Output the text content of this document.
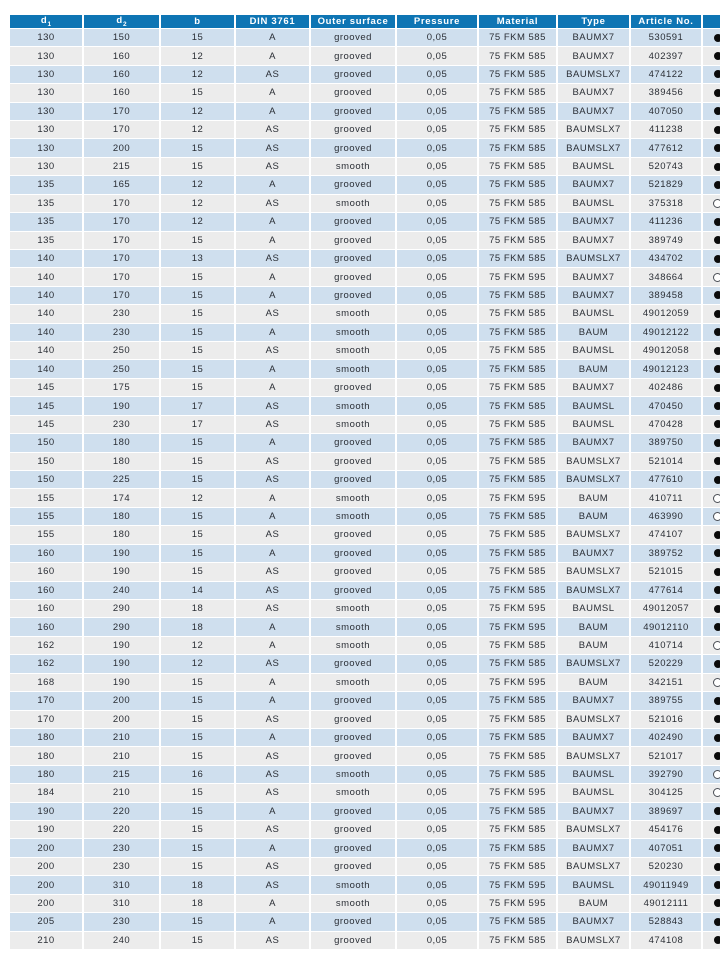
$d_1$	$d_2$	b	DIN 3761	Outer surface	Pressure	Material	Type	Article No.	
130	150	15	A	grooved	0,05	75 FKM 585	BAUMX7	530591	
130	160	12	A	grooved	0,05	75 FKM 585	BAUMX7	402397	
130	160	12	AS	grooved	0,05	75 FKM 585	BAUMSLX7	474122	
130	160	15	A	grooved	0,05	75 FKM 585	BAUMX7	389456	
130	170	12	A	grooved	0,05	75 FKM 585	BAUMX7	407050	
130	170	12	AS	grooved	0,05	75 FKM 585	BAUMSLX7	411238	
130	200	15	AS	grooved	0,05	75 FKM 585	BAUMSLX7	477612	
130	215	15	AS	smooth	0,05	75 FKM 585	BAUMSL	520743	
135	165	12	A	grooved	0,05	75 FKM 585	BAUMX7	521829	
135	170	12	AS	smooth	0,05	75 FKM 585	BAUMSL	375318	
135	170	12	A	grooved	0,05	75 FKM 585	BAUMX7	411236	
135	170	15	A	grooved	0,05	75 FKM 585	BAUMX7	389749	
140	170	13	AS	grooved	0,05	75 FKM 585	BAUMSLX7	434702	
140	170	15	A	grooved	0,05	75 FKM 595	BAUMX7	348664	
140	170	15	A	grooved	0,05	75 FKM 585	BAUMX7	389458	
140	230	15	AS	smooth	0,05	75 FKM 585	BAUMSL	49012059	
140	230	15	A	smooth	0,05	75 FKM 585	BAUM	49012122	
140	250	15	AS	smooth	0,05	75 FKM 585	BAUMSL	49012058	
140	250	15	A	smooth	0,05	75 FKM 585	BAUM	49012123	
145	175	15	A	grooved	0,05	75 FKM 585	BAUMX7	402486	
145	190	17	AS	smooth	0,05	75 FKM 585	BAUMSL	470450	
145	230	17	AS	smooth	0,05	75 FKM 585	BAUMSL	470428	
150	180	15	A	grooved	0,05	75 FKM 585	BAUMX7	389750	
150	180	15	AS	grooved	0,05	75 FKM 585	BAUMSLX7	521014	
150	225	15	AS	grooved	0,05	75 FKM 585	BAUMSLX7	477610	
155	174	12	A	smooth	0,05	75 FKM 595	BAUM	410711	
155	180	15	A	smooth	0,05	75 FKM 585	BAUM	463990	
155	180	15	AS	grooved	0,05	75 FKM 585	BAUMSLX7	474107	
160	190	15	A	grooved	0,05	75 FKM 585	BAUMX7	389752	
160	190	15	AS	grooved	0,05	75 FKM 585	BAUMSLX7	521015	
160	240	14	AS	grooved	0,05	75 FKM 585	BAUMSLX7	477614	
160	290	18	AS	smooth	0,05	75 FKM 595	BAUMSL	49012057	
160	290	18	A	smooth	0,05	75 FKM 595	BAUM	49012110	
162	190	12	A	smooth	0,05	75 FKM 585	BAUM	410714	
162	190	12	AS	grooved	0,05	75 FKM 585	BAUMSLX7	520229	
168	190	15	A	smooth	0,05	75 FKM 595	BAUM	342151	
170	200	15	A	grooved	0,05	75 FKM 585	BAUMX7	389755	
170	200	15	AS	grooved	0,05	75 FKM 585	BAUMSLX7	521016	
180	210	15	A	grooved	0,05	75 FKM 585	BAUMX7	402490	
180	210	15	AS	grooved	0,05	75 FKM 585	BAUMSLX7	521017	
180	215	16	AS	smooth	0,05	75 FKM 585	BAUMSL	392790	
184	210	15	AS	smooth	0,05	75 FKM 595	BAUMSL	304125	
190	220	15	A	grooved	0,05	75 FKM 585	BAUMX7	389697	
190	220	15	AS	grooved	0,05	75 FKM 585	BAUMSLX7	454176	
200	230	15	A	grooved	0,05	75 FKM 585	BAUMX7	407051	
200	230	15	AS	grooved	0,05	75 FKM 585	BAUMSLX7	520230	
200	310	18	AS	smooth	0,05	75 FKM 595	BAUMSL	49011949	
200	310	18	A	smooth	0,05	75 FKM 595	BAUM	49012111	
205	230	15	A	grooved	0,05	75 FKM 585	BAUMX7	528843	
210	240	15	AS	grooved	0,05	75 FKM 585	BAUMSLX7	474108	
